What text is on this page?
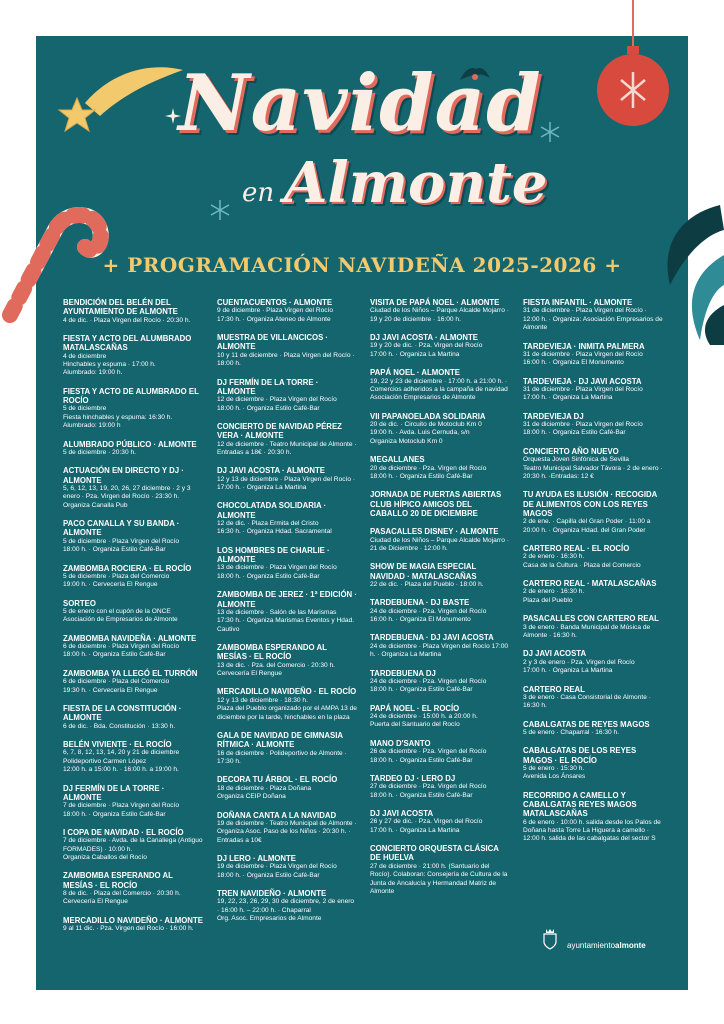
Navidad
en Almonte
+ PROGRAMACIÓN NAVIDEÑA 2025-2026 +
BENDICIÓN DEL BELÉN DEL AYUNTAMIENTO DE ALMONTE

4 de dic. · Plaza Virgen del Rocío · 20:30 h.

FIESTA Y ACTO DEL ALUMBRADO MATALASCAÑAS

4 de diciembre

Hinchables y espuma · 17:00 h.

Alumbrado: 19:00 h.

FIESTA Y ACTO DE ALUMBRADO EL ROCÍO

5 de diciembre

Fiesta hinchables y espuma: 16:30 h.

Alumbrado: 19:00 h

ALUMBRADO PÚBLICO · ALMONTE

5 de diciembre · 20:30 h.

ACTUACIÓN EN DIRECTO Y DJ · ALMONTE

5, 6, 12, 13, 19, 20, 26, 27 diciembre · 2 y 3 enero · Pza. Virgen del Rocío · 23:30 h.

Organiza Canalla Pub

PACO CANALLA Y SU BANDA · ALMONTE

5 de diciembre · Plaza Virgen del Rocío

18:00 h. · Organiza Estilo Café-Bar

ZAMBOMBA ROCIERA · EL ROCÍO

5 de diciembre · Plaza del Comercio

19:00 h. · Cervecería El Rengue

SORTEO

5 de enero con el cupón de la ONCE

Asociación de Empresarios de Almonte

ZAMBOMBA NAVIDEÑA · ALMONTE

6 de diciembre · Plaza Virgen del Rocío

18:00 h. · Organiza Estilo Café-Bar

ZAMBOMBA YA LLEGÓ EL TURRÓN

6 de diciembre · Plaza del Comercio

19:30 h. · Cervecería El Rengue

FIESTA DE LA CONSTITUCIÓN · ALMONTE

6 de dic. · Bda. Constitución · 13:30 h.

BELÉN VIVIENTE · EL ROCÍO

6, 7, 8, 12, 13, 14, 20 y 21 de diciembre

Polideportivo Carmen López

12:00 h. a 15:00 h. · 16:00 h. a 19:00 h.

DJ FERMÍN DE LA TORRE · ALMONTE

7 de diciembre · Plaza Virgen del Rocío

18:00 h. · Organiza Estilo Café-Bar

I COPA DE NAVIDAD · EL ROCÍO

7 de diciembre · Avda. de la Canaliega (Antiguo FORMADES) · 10:00 h.

Organiza Caballos del Rocío

ZAMBOMBA ESPERANDO AL MESÍAS · EL ROCÍO

8 de dic. · Plaza del Comercio · 20:30 h.

Cervecería El Rengue

MERCADILLO NAVIDEÑO · ALMONTE

9 al 11 dic. · Pza. Virgen del Rocío · 16:00 h.

CUENTACUENTOS · ALMONTE

9 de diciembre · Plaza Virgen del Rocío

17:30 h. · Organiza Ateneo de Almonte

MUESTRA DE VILLANCICOS · ALMONTE

10 y 11 de diciembre · Plaza Virgen del Rocío · 18:00 h.

DJ FERMÍN DE LA TORRE · ALMONTE

12 de diciembre · Plaza Virgen del Rocío

18:00 h. · Organiza Estilo Café-Bar

CONCIERTO DE NAVIDAD PÉREZ VERA · ALMONTE

12 de diciembre · Teatro Municipal de Almonte · Entradas a 18€ · 20:30 h.

DJ JAVI ACOSTA · ALMONTE

12 y 13 de diciembre · Plaza Virgen del Rocío · 17:00 h. · Organiza La Martina

CHOCOLATADA SOLIDARIA · ALMONTE

12 de dic. · Plaza Ermita del Cristo

16:30 h. · Organiza Hdad. Sacramental

LOS HOMBRES DE CHARLIE · ALMONTE

13 de diciembre · Plaza Virgen del Rocío

18:00 h. · Organiza Estilo Café-Bar

ZAMBOMBA DE JEREZ · 1ª EDICIÓN · ALMONTE

13 de diciembre · Salón de las Marismas

17:30 h. · Organiza Marismas Eventos y Hdad. Cautivo

ZAMBOMBA ESPERANDO AL MESÍAS · EL ROCÍO

13 de dic. · Pza. del Comercio · 20:30 h.

Cervecería El Rengue

MERCADILLO NAVIDEÑO · EL ROCÍO

12 y 13 de diciembre · 18:30 h.

Plaza del Pueblo organizado por el AMPA 13 de diciembre por la tarde, hinchables en la plaza

GALA DE NAVIDAD DE GIMNASIA RÍTMICA · ALMONTE

16 de diciembre · Polideportivo de Almonte · 17:30 h.

DECORA TU ÁRBOL · EL ROCÍO

18 de diciembre · Plaza Doñana

Organiza CEIP Doñana

DOÑANA CANTA A LA NAVIDAD

19 de diciembre · Teatro Municipal de Almonte · Organiza Asoc. Paso de los Niños · 20:30 h. · Entradas a 10€

DJ LERO · ALMONTE

19 de diciembre · Plaza Virgen del Rocío

18:00 h. · Organiza Estilo Café-Bar

TREN NAVIDEÑO · ALMONTE

19, 22, 23, 26, 29, 30 de diciembre, 2 de enero · 16:00 h. – 22:00 h. · Chaparral

Org. Asoc. Empresarios de Almonte

VISITA DE PAPÁ NOEL · ALMONTE

Ciudad de los Niños – Parque Alcalde Mojarro · 19 y 20 de diciembre · 16:00 h.

DJ JAVI ACOSTA · ALMONTE

19 y 20 de dic. · Pza. Virgen del Rocío

17:00 h. · Organiza La Martina

PAPÁ NOEL · ALMONTE

19, 22 y 23 de diciembre · 17:00 h. a 21:00 h. · Comercios adheridos a la campaña de navidad Asociación Empresarios de Almonte

VII PAPANOELADA SOLIDARIA

20 de dic. · Circuito de Motoclub Km 0

19:00 h. · Avda. Luis Cernuda, s/n

Organiza Motoclub Km 0

MEGALLANES

20 de diciembre · Pza. Virgen del Rocío

18:00 h. · Organiza Estilo Café-Bar

JORNADA DE PUERTAS ABIERTAS CLUB HÍPICO AMIGOS DEL CABALLO 20 DE DICIEMBRE
PASACALLES DISNEY · ALMONTE

Ciudad de los Niños – Parque Alcalde Mojarro · 21 de Diciembre · 12:00 h.

SHOW DE MAGIA ESPECIAL NAVIDAD · MATALASCAÑAS

22 de dic. · Plaza del Pueblo · 18:00 h.

TARDEBUENA · DJ BASTE

24 de diciembre · Pza. Virgen del Rocío

16:00 h. · Organiza El Monumento

TARDEBUENA · DJ JAVI ACOSTA

24 de diciembre · Plaza Virgen del Rocío 17:00 h. · Organiza La Martina

TARDEBUENA DJ

24 de diciembre · Pza. Virgen del Rocío

18:00 h. · Organiza Estilo Café-Bar

PAPÁ NOEL · EL ROCÍO

24 de diciembre · 15:00 h. a 20:00 h.

Puerta del Santuario del Rocío

MANO D'SANTO

26 de diciembre · Pza. Virgen del Rocío

18:00 h. · Organiza Estilo Café-Bar

TARDEO DJ · LERO DJ

27 de diciembre · Pza. Virgen del Rocío

18:00 h. · Organiza Estilo Café-Bar

DJ JAVI ACOSTA

26 y 27 de dic. · Pza. Virgen del Rocío

17:00 h. · Organiza La Martina

CONCIERTO ORQUESTA CLÁSICA DE HUELVA

27 de diciembre · 21:00 h. (Santuario del Rocío). Colaboran: Consejería de Cultura de la Junta de Ancalucía y Hermandad Matriz de Almonte

FIESTA INFANTIL · ALMONTE

31 de diciembre · Plaza Virgen del Rocío · 12:00 h. · Organiza: Asociación Empresarios de Almonte

TARDEVIEJA · INMITA PALMERA

31 de diciembre · Plaza Virgen del Rocío

16:00 h. · Organiza El Monumento

TARDEVIEJA · DJ JAVI ACOSTA

31 de diciembre · Plaza Virgen del Rocío

17:00 h. · Organiza La Martina

TARDEVIEJA DJ

31 de diciembre · Plaza Virgen del Rocío

18:00 h. · Organiza Estilo Café-Bar

CONCIERTO AÑO NUEVO

Orquesta Joven Sinfónica de Sevilla

Teatro Municipal Salvador Távora · 2 de enero · 20:30 h. ·Entradas: 12 €

TU AYUDA ES ILUSIÓN · RECOGIDA DE ALIMENTOS CON LOS REYES MAGOS

2 de ene. · Capilla del Gran Poder · 11:00 a 20:00 h. · Organiza Hdad. del Gran Poder

CARTERO REAL · EL ROCÍO

2 de enero · 16:30 h.

Casa de la Cultura · Plaza del Comercio

CARTERO REAL · MATALASCAÑAS

2 de enero · 16:30 h.

Plaza del Pueblo

PASACALLES CON CARTERO REAL

3 de enero · Banda Municipal de Música de Almonte · 16:30 h.

DJ JAVI ACOSTA

2 y 3 de enero · Pza. Virgen del Rocío

17:00 h. · Organiza La Martina

CARTERO REAL

3 de enero · Casa Consistorial de Almonte · 16:30 h.

CABALGATAS DE REYES MAGOS

5 de enero · Chaparral · 16:30 h.

CABALGATAS DE LOS REYES MAGOS · EL ROCÍO

5 de enero · 15:30 h.

Avenida Los Ánsares

RECORRIDO A CAMELLO Y CABALGATAS REYES MAGOS MATALASCAÑAS

6 de enero · 10:00 h. salida desde los Palos de Doñana hasta Torre La Higuera a camello · 12:00 h. salida de las cabalgatas del sector S

ayuntamientoalmonte
